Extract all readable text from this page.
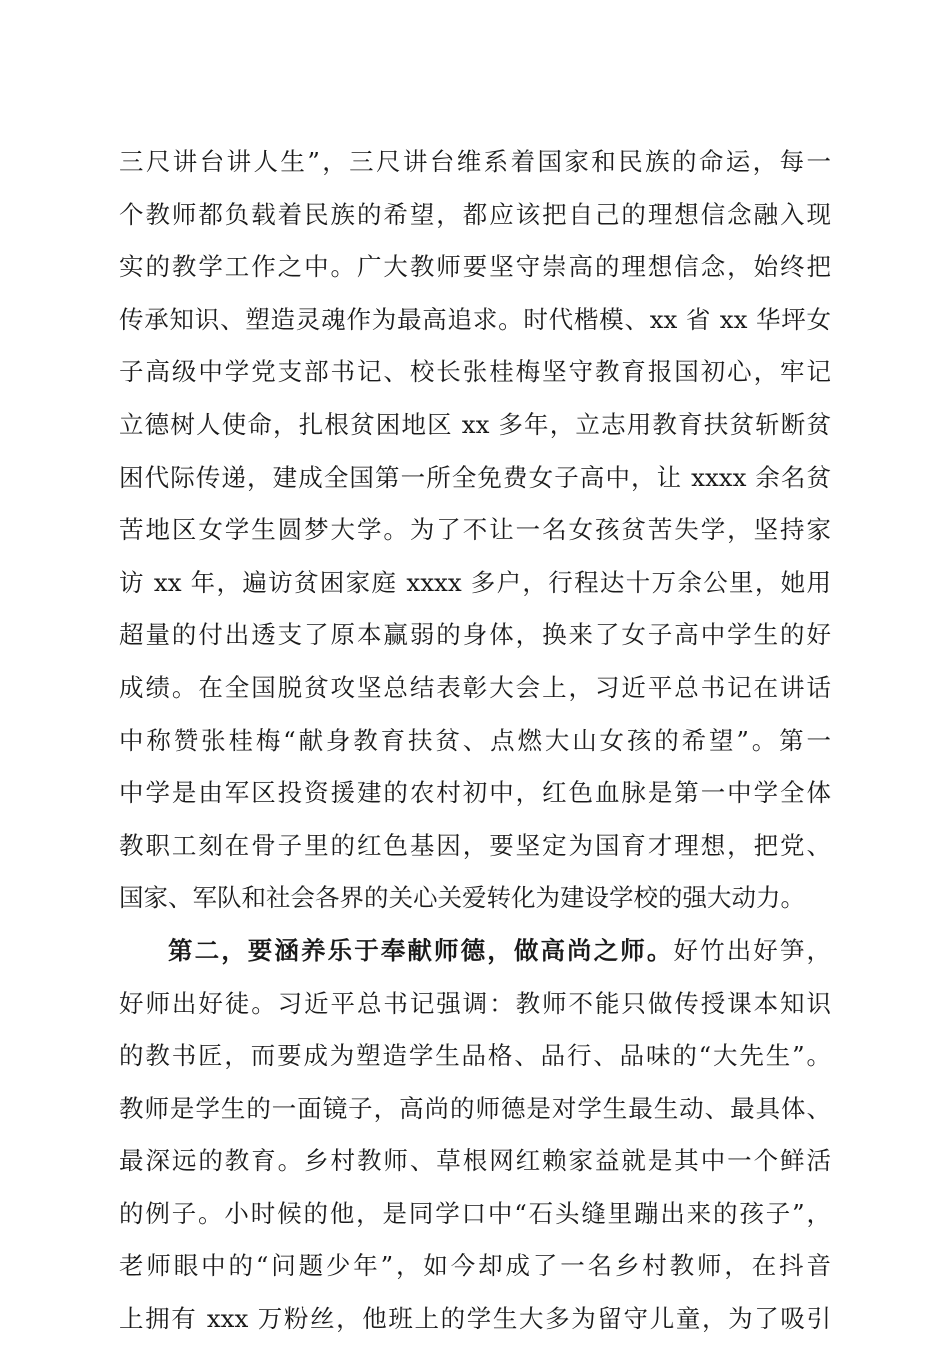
三尺讲台讲人生”，三尺讲台维系着国家和民族的命运，每一
个教师都负载着民族的希望，都应该把自己的理想信念融入现
实的教学工作之中。广大教师要坚守崇高的理想信念，始终把
传承知识、塑造灵魂作为最高追求。时代楷模、xx 省 xx 华坪女
子高级中学党支部书记、校长张桂梅坚守教育报国初心，牢记
立德树人使命，扎根贫困地区 xx 多年，立志用教育扶贫斩断贫
困代际传递，建成全国第一所全免费女子高中，让 xxxx 余名贫
苦地区女学生圆梦大学。为了不让一名女孩贫苦失学，坚持家
访 xx 年，遍访贫困家庭 xxxx 多户，行程达十万余公里，她用
超量的付出透支了原本赢弱的身体，换来了女子高中学生的好
成绩。在全国脱贫攻坚总结表彰大会上，习近平总书记在讲话
中称赞张桂梅“献身教育扶贫、点燃大山女孩的希望”。第一
中学是由军区投资援建的农村初中，红色血脉是第一中学全体
教职工刻在骨子里的红色基因，要坚定为国育才理想，把党、
国家、军队和社会各界的关心关爱转化为建设学校的强大动力。
第二，要涵养乐于奉献师德，做高尚之师。好竹出好笋，
好师出好徒。习近平总书记强调：教师不能只做传授课本知识
的教书匠，而要成为塑造学生品格、品行、品味的“大先生”。
教师是学生的一面镜子，高尚的师德是对学生最生动、最具体、
最深远的教育。乡村教师、草根网红赖家益就是其中一个鲜活
的例子。小时候的他，是同学口中“石头缝里蹦出来的孩子”，
老师眼中的“问题少年”，如今却成了一名乡村教师，在抖音
上拥有 xxx 万粉丝，他班上的学生大多为留守儿童，为了吸引
